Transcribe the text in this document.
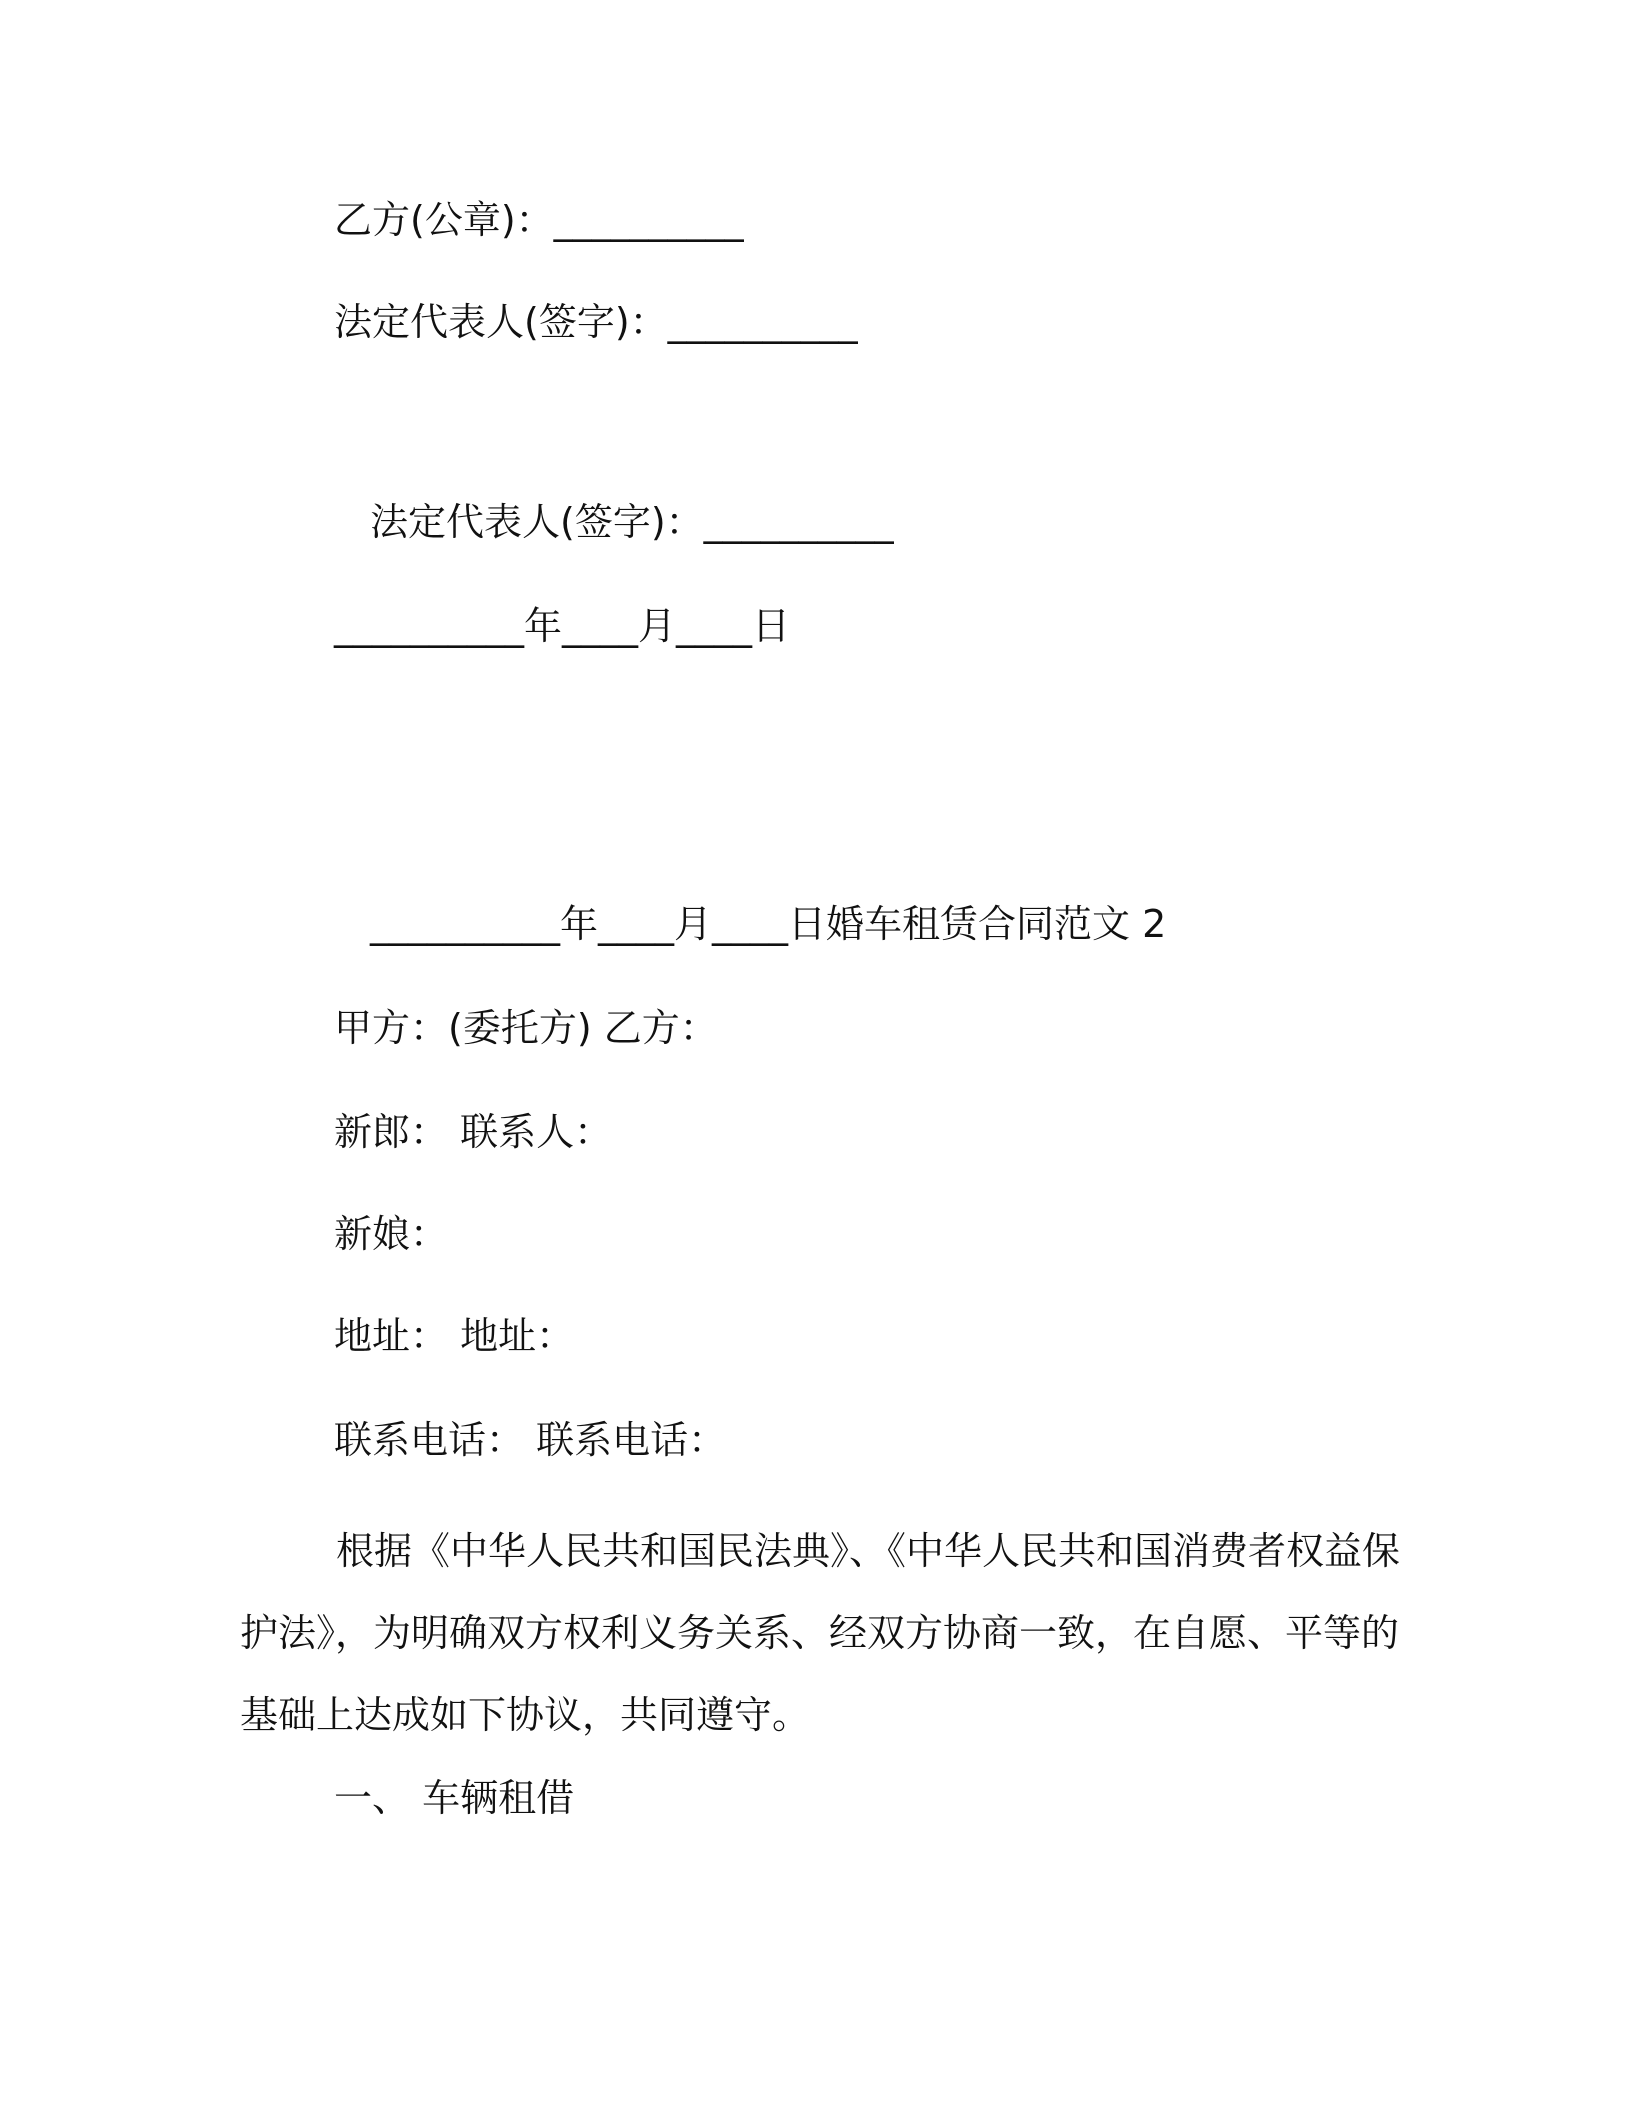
乙方(公章)：__________

法定代表人(签字)：__________

法定代表人(签字)：__________

__________年____月____日

__________年____月____日婚车租赁合同范文 2

甲方：(委托方) 乙方：

新郎： 联系人：

新娘：

地址： 地址：

联系电话： 联系电话：

根据《中华人民共和国民法典》、《中华人民共和国消费者权益保护法》，为明确双方权利义务关系、经双方协商一致，在自愿、平等的基础上达成如下协议，共同遵守。

一、 车辆租借
